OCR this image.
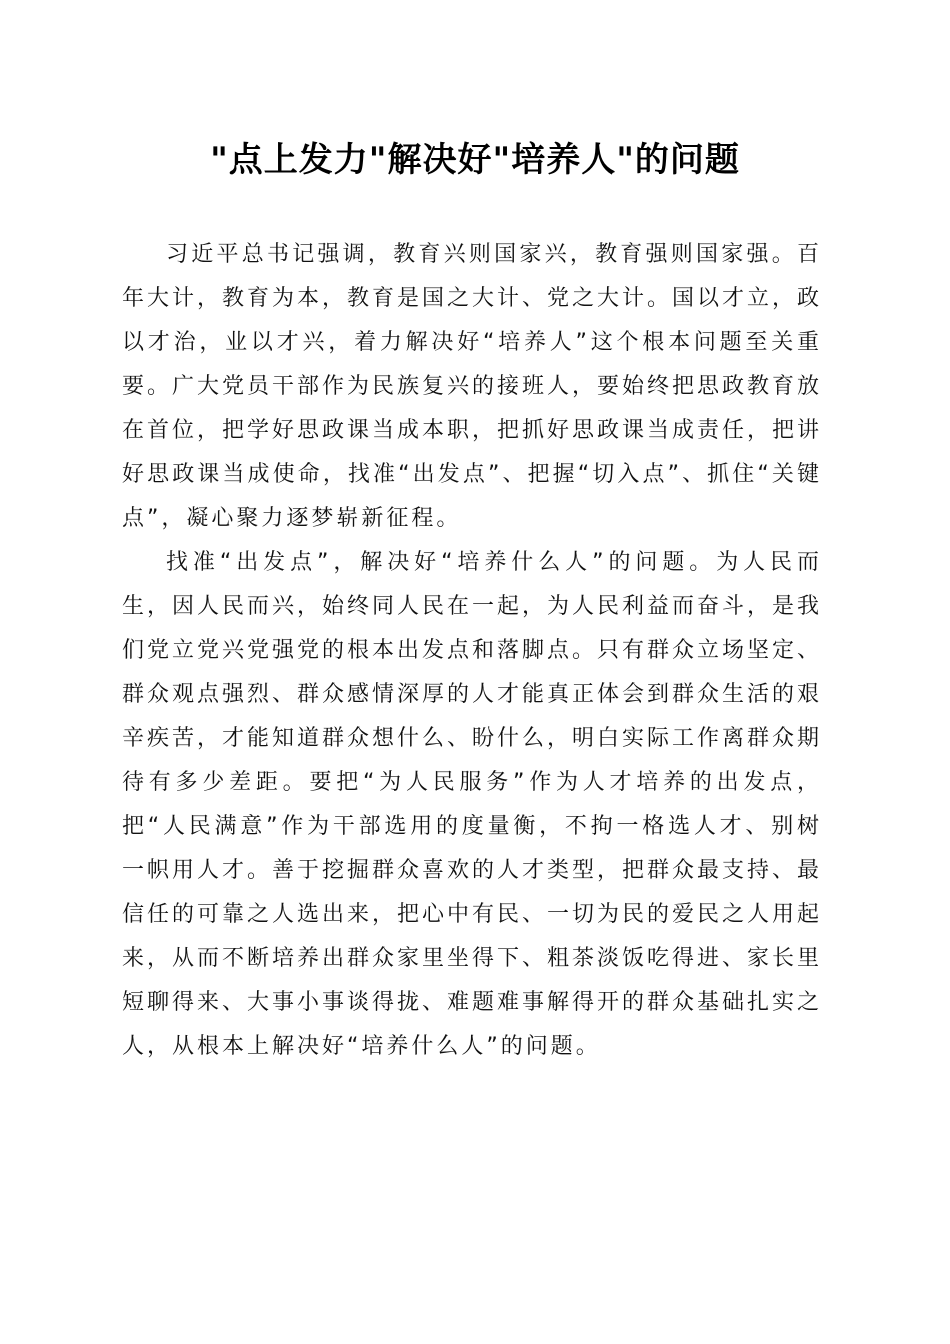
"点上发力"解决好"培养人"的问题

习近平总书记强调，教育兴则国家兴，教育强则国家强。百年大计，教育为本，教育是国之大计、党之大计。国以才立，政以才治，业以才兴，着力解决好“培养人”这个根本问题至关重要。广大党员干部作为民族复兴的接班人，要始终把思政教育放在首位，把学好思政课当成本职，把抓好思政课当成责任，把讲好思政课当成使命，找准“出发点”、把握“切入点”、抓住“关键点”，凝心聚力逐梦崭新征程。

找准“出发点”，解决好“培养什么人”的问题。为人民而生，因人民而兴，始终同人民在一起，为人民利益而奋斗，是我们党立党兴党强党的根本出发点和落脚点。只有群众立场坚定、群众观点强烈、群众感情深厚的人才能真正体会到群众生活的艰辛疾苦，才能知道群众想什么、盼什么，明白实际工作离群众期待有多少差距。要把“为人民服务”作为人才培养的出发点，把“人民满意”作为干部选用的度量衡，不拘一格选人才、别树一帜用人才。善于挖掘群众喜欢的人才类型，把群众最支持、最信任的可靠之人选出来，把心中有民、一切为民的爱民之人用起来，从而不断培养出群众家里坐得下、粗茶淡饭吃得进、家长里短聊得来、大事小事谈得拢、难题难事解得开的群众基础扎实之人，从根本上解决好“培养什么人”的问题。
